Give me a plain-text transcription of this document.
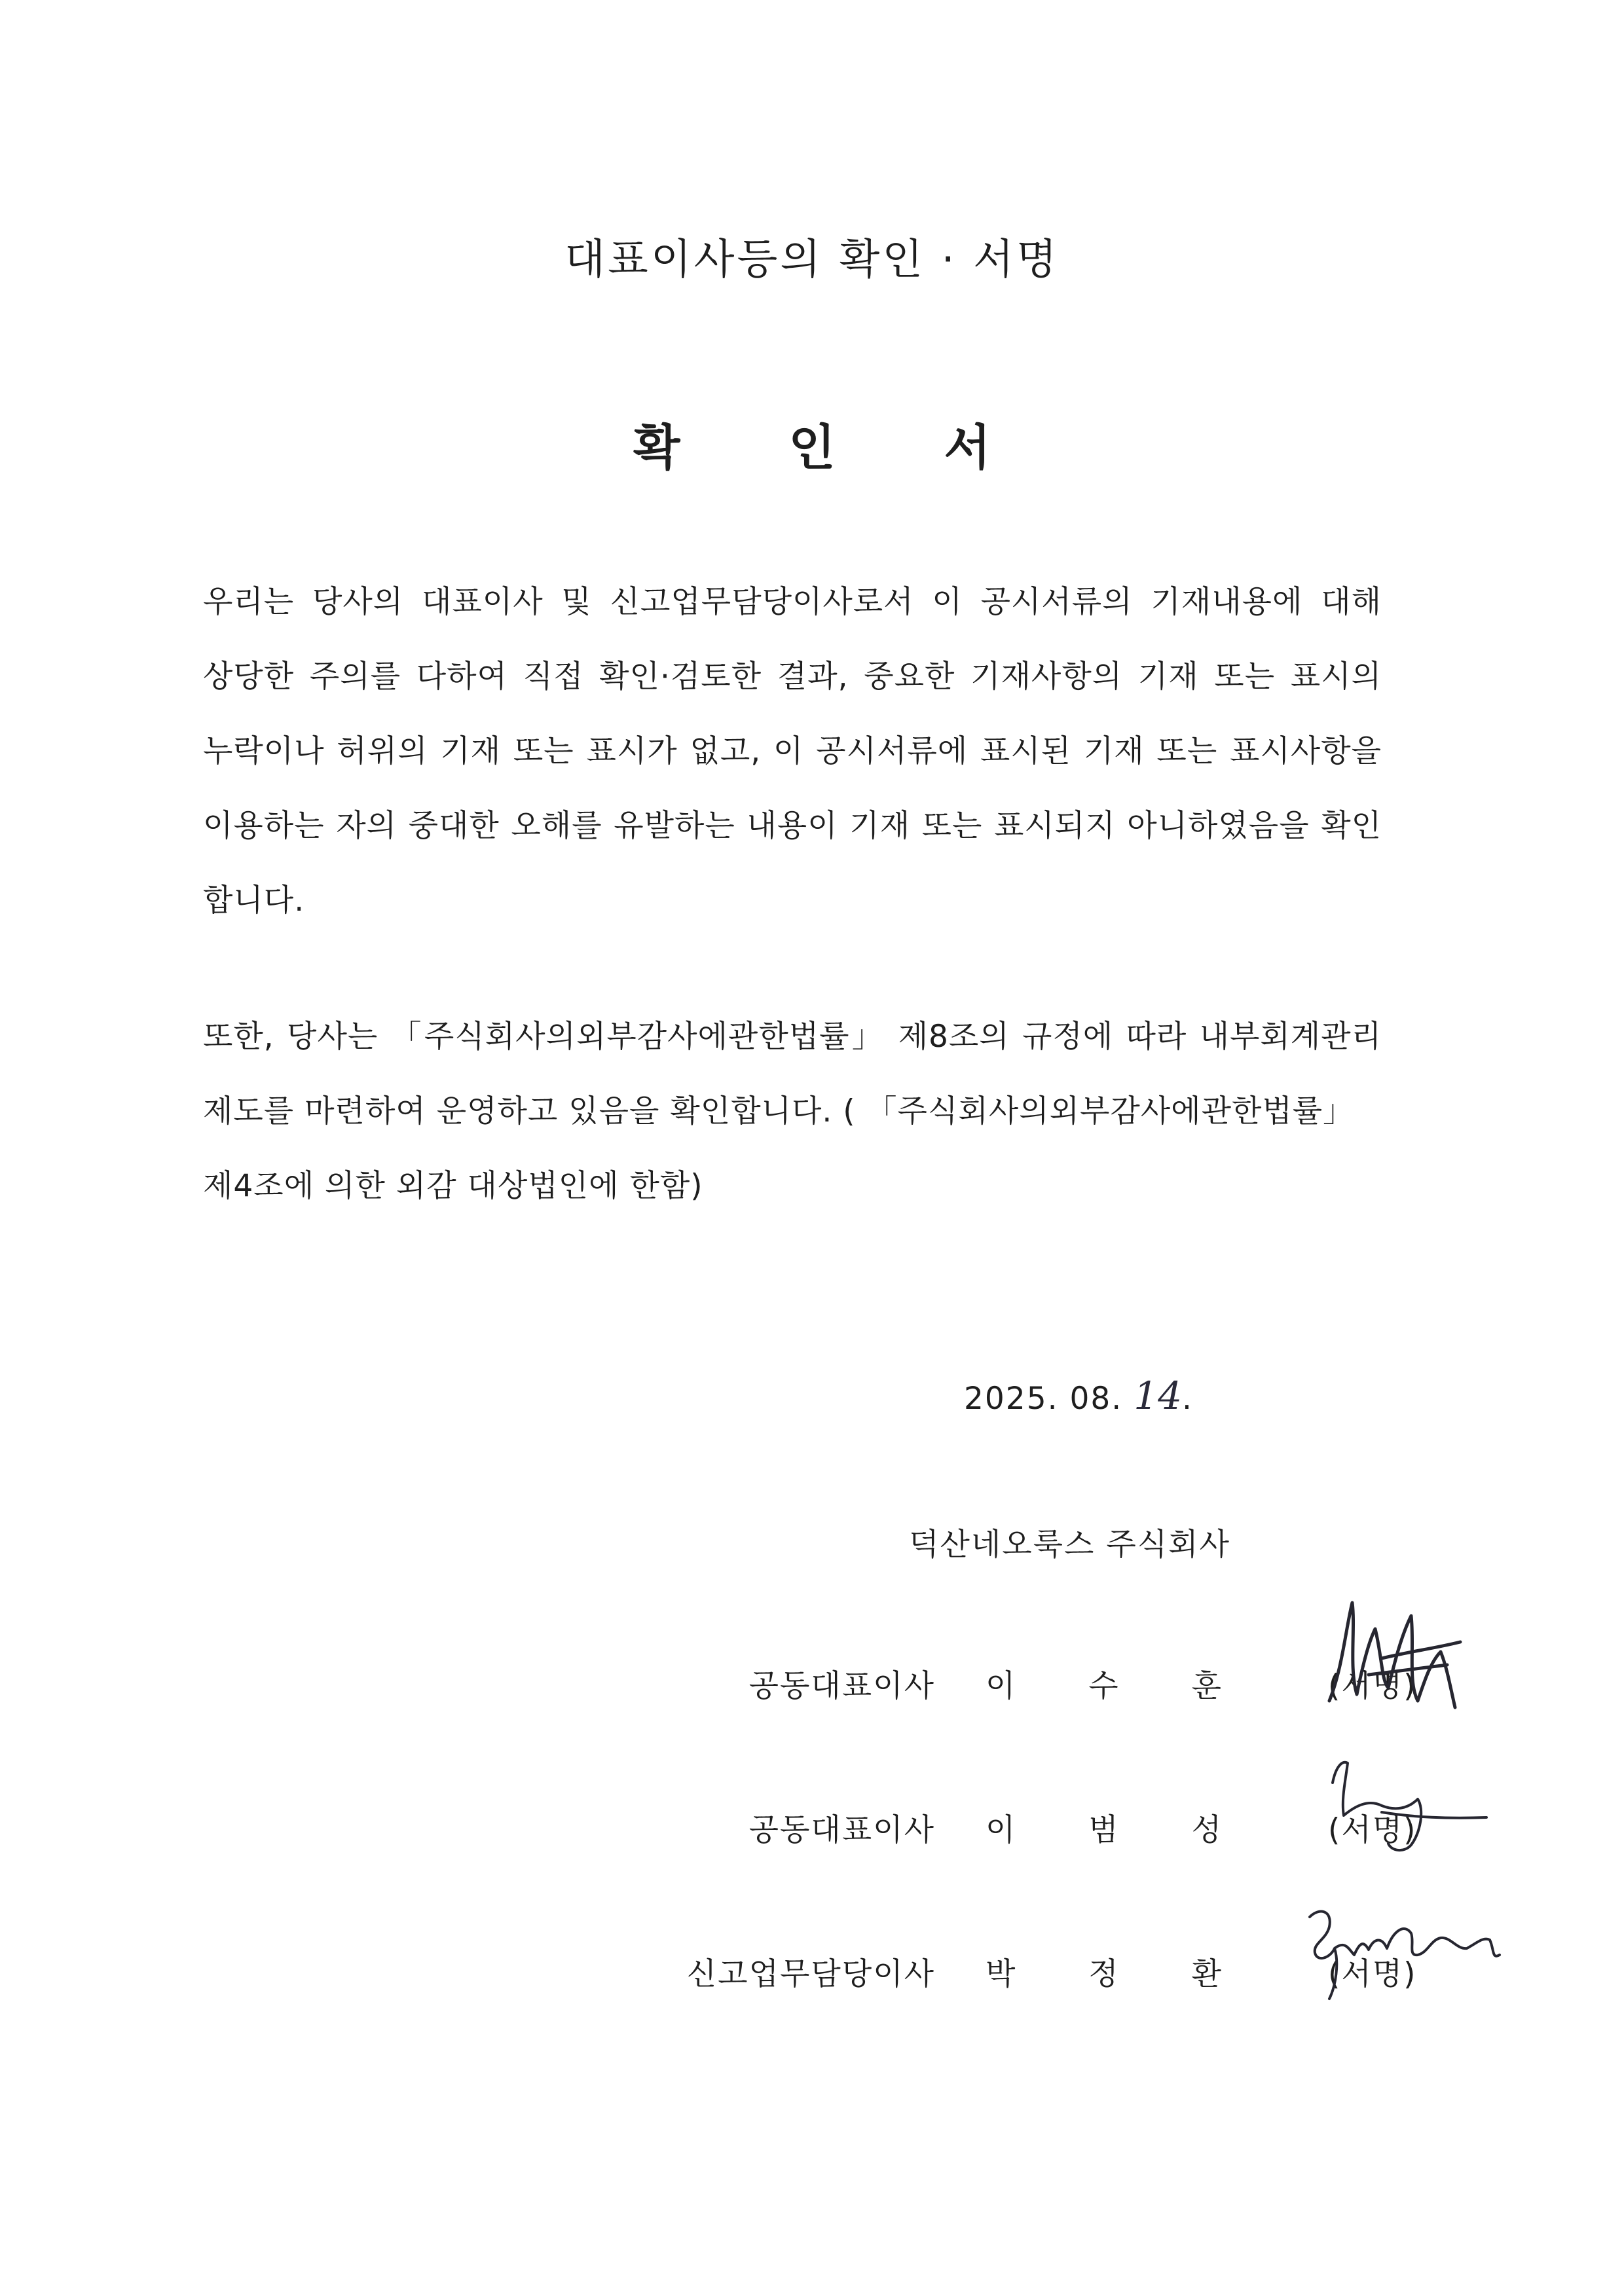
대표이사등의 확인 · 서명
확 인 서
우리는 당사의 대표이사 및 신고업무담당이사로서 이 공시서류의 기재내용에 대해
상당한 주의를 다하여 직접 확인·검토한 결과, 중요한 기재사항의 기재 또는 표시의
누락이나 허위의 기재 또는 표시가 없고, 이 공시서류에 표시된 기재 또는 표시사항을
이용하는 자의 중대한 오해를 유발하는 내용이 기재 또는 표시되지 아니하였음을 확인
합니다.
또한, 당사는 「주식회사의외부감사에관한법률」 제8조의 규정에 따라 내부회계관리
제도를 마련하여 운영하고 있음을 확인합니다. ( 「주식회사의외부감사에관한법률」
제4조에 의한 외감 대상법인에 한함)
2025. 08. 14.
덕산네오룩스 주식회사
공동대표이사 이 수 훈	(서명)
공동대표이사 이 범 성	(서명)
신고업무담당이사 박 정 환	(서명)
